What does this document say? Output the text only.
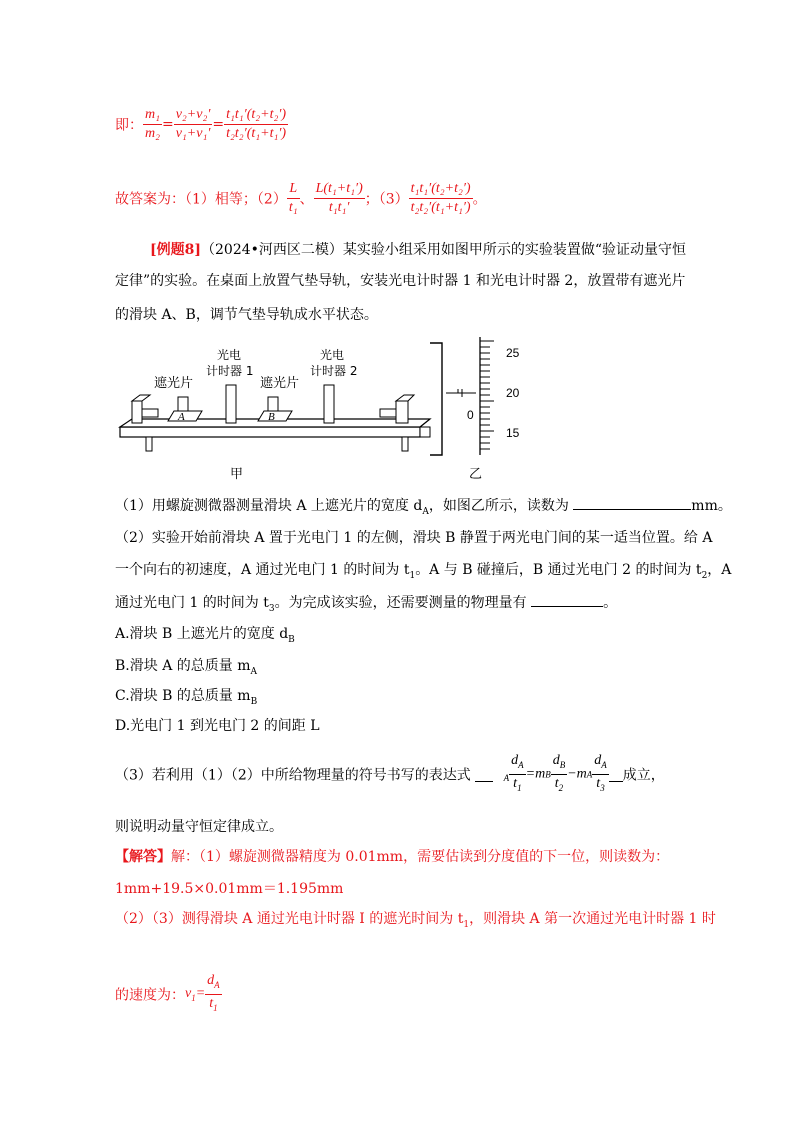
即： $\frac{\text{m₁}}{\text{m₂}} = \frac{\text{v₂+v₂′}}{\text{v₁+v₁′}} = \frac{\text{t₁t₁′(t₂+t₂′)}}{\text{t₂t₂′(t₁+t₁′)}}$
故答案为：（1）相等；$(2) \frac{L}{\text{t₁}}$ 、 $\frac{\text{L(t₁+t₁′)}}{\text{t₁t₁′}}$ ；$(3) \frac{\text{t₁t₁′(t₂+t₂′)}}{\text{t₂t₂′(t₁+t₁′)}}$ 。
[例题8]（2024•河西区二模）某实验小组采用如图甲所示的实验装置做“验证动量守恒
定律”的实验。在桌面上放置气垫导轨，安装光电计时器 1 和光电计时器 2，放置带有遮光片
的滑块 A、B，调节气垫导轨成水平状态。
A	B
遮光片	遮光片
光电
计时器 1
光电
计时器 2
甲
0
25
20
15
乙
（1）用螺旋测微器测量滑块 A 上遮光片的宽度 $d_A$，如图乙所示，读数为	mm。
（2）实验开始前滑块 A 置于光电门 1 的左侧，滑块 B 静置于两光电门间的某一适当位置。给 A
一个向右的初速度，A 通过光电门 1 的时间为 $t_1$。A 与 B 碰撞后，B 通过光电门 2 的时间为 $t_2$，A
通过光电门 1 的时间为 $t_3$。为完成该实验，还需要测量的物理量有	。
A.滑块 B 上遮光片的宽度 $d_B$
B.滑块 A 的总质量 $m_A$
C.滑块 B 的总质量 $m_B$
D.光电门 1 到光电门 2 的间距 L
（3）若利用（1）（2）中所给物理量的符号书写的表达式	$_A \frac{d_A}{t_1} =mB \frac{d_B}{t_2} -mA \frac{d_A}{t_3}$ 成立，
则说明动量守恒定律成立。
【解答】解：（1）螺旋测微器精度为 0.01mm，需要估读到分度值的下一位，则读数为：
1mm+19.5×0.01mm＝1.195mm
（2）（3）测得滑块 A 通过光电计时器 I 的遮光时间为 $t_1$，则滑块 A 第一次通过光电计时器 1 时
的速度为：$v_1= \frac{d_A}{t_1}$
